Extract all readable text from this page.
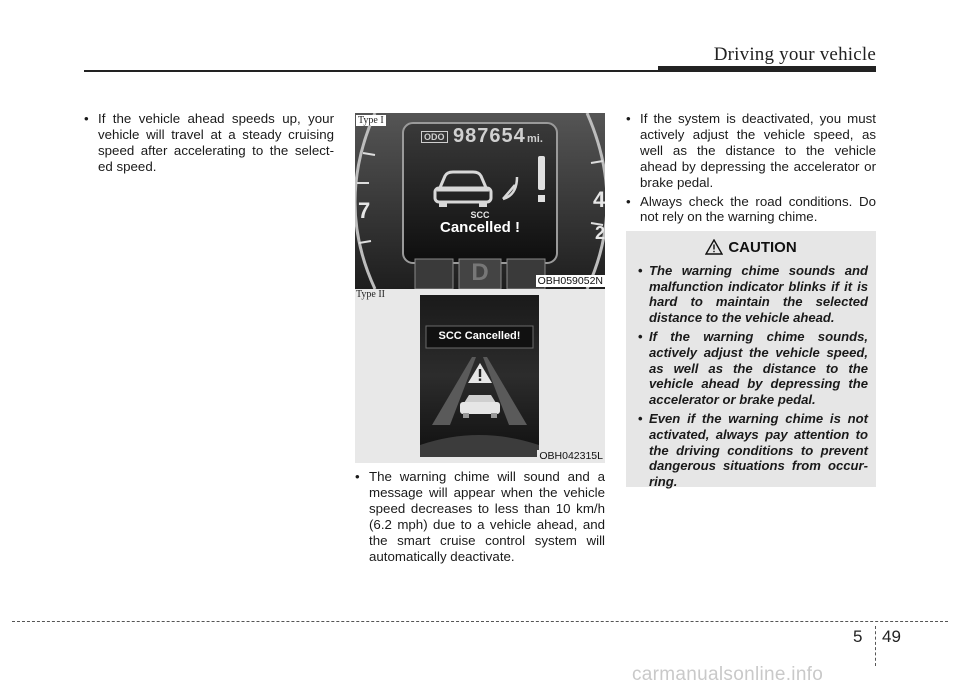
Driving your vehicle
• If the vehicle ahead speeds up, your vehicle will travel at a steady cruising speed after accelerating to the select-ed speed.
Type I
ODO 987654 mi.
SCC
Cancelled !
7	4
2
D	OBH059052N
Type II
SCC Cancelled!
OBH042315L
• The warning chime will sound and a message will appear when the vehicle speed decreases to less than 10 km/h (6.2 mph) due to a vehicle ahead, and the smart cruise control system will automatically deactivate.
• If the system is deactivated, you must actively adjust the vehicle speed, as well as the distance to the vehicle ahead by depressing the accelerator or brake pedal.
• Always check the road conditions. Do not rely on the warning chime.
CAUTION
• The warning chime sounds and malfunction indicator blinks if it is hard to maintain the selected distance to the vehicle ahead.
• If the warning chime sounds, actively adjust the vehicle speed, as well as the distance to the vehicle ahead by depressing the accelerator or brake pedal.
• Even if the warning chime is not activated, always pay attention to the driving conditions to prevent dangerous situations from occur-ring.
5 49
carmanualsonline.info
